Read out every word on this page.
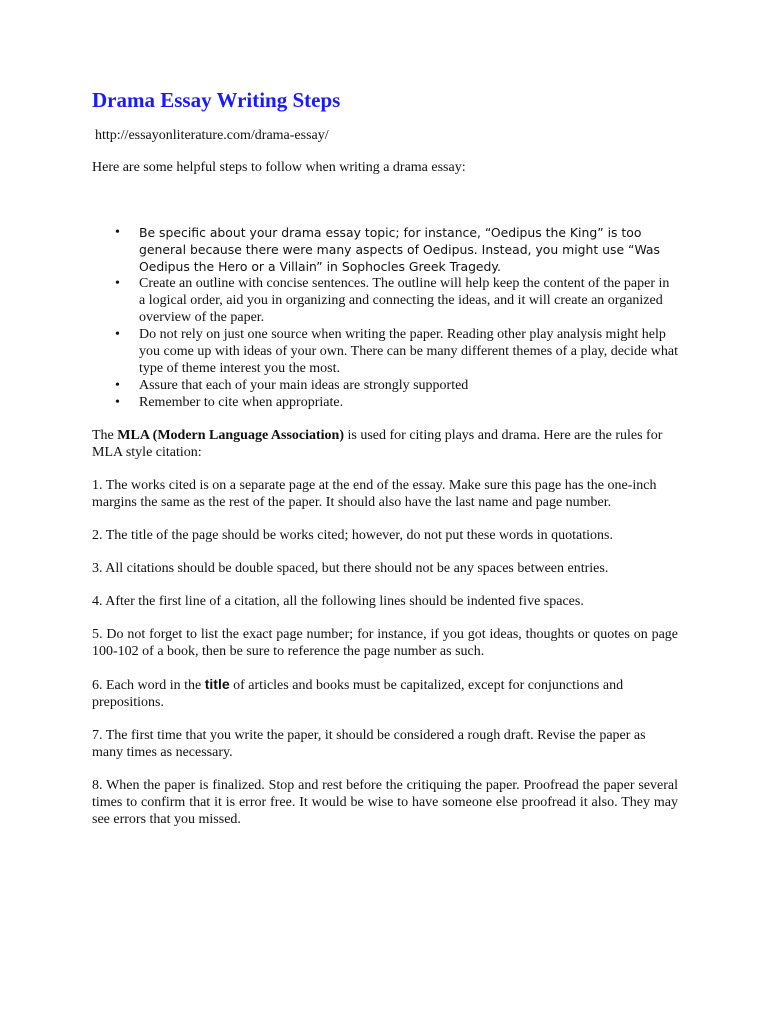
Drama Essay Writing Steps

http://essayonliterature.com/drama-essay/

Here are some helpful steps to follow when writing a drama essay:

• Be specific about your drama essay topic; for instance, “Oedipus the King” is too general because there were many aspects of Oedipus. Instead, you might use “Was Oedipus the Hero or a Villain” in Sophocles Greek Tragedy.
• Create an outline with concise sentences. The outline will help keep the content of the paper in a logical order, aid you in organizing and connecting the ideas, and it will create an organized overview of the paper.
• Do not rely on just one source when writing the paper. Reading other play analysis might help you come up with ideas of your own. There can be many different themes of a play, decide what type of theme interest you the most.
• Assure that each of your main ideas are strongly supported
• Remember to cite when appropriate.

The MLA (Modern Language Association) is used for citing plays and drama. Here are the rules for MLA style citation:

1. The works cited is on a separate page at the end of the essay. Make sure this page has the one-inch margins the same as the rest of the paper. It should also have the last name and page number.

2. The title of the page should be works cited; however, do not put these words in quotations.

3. All citations should be double spaced, but there should not be any spaces between entries.

4. After the first line of a citation, all the following lines should be indented five spaces.

5. Do not forget to list the exact page number; for instance, if you got ideas, thoughts or quotes on page 100-102 of a book, then be sure to reference the page number as such.

6. Each word in the title of articles and books must be capitalized, except for conjunctions and prepositions.

7. The first time that you write the paper, it should be considered a rough draft. Revise the paper as many times as necessary.

8. When the paper is finalized. Stop and rest before the critiquing the paper. Proofread the paper several times to confirm that it is error free. It would be wise to have someone else proofread it also. They may see errors that you missed.
